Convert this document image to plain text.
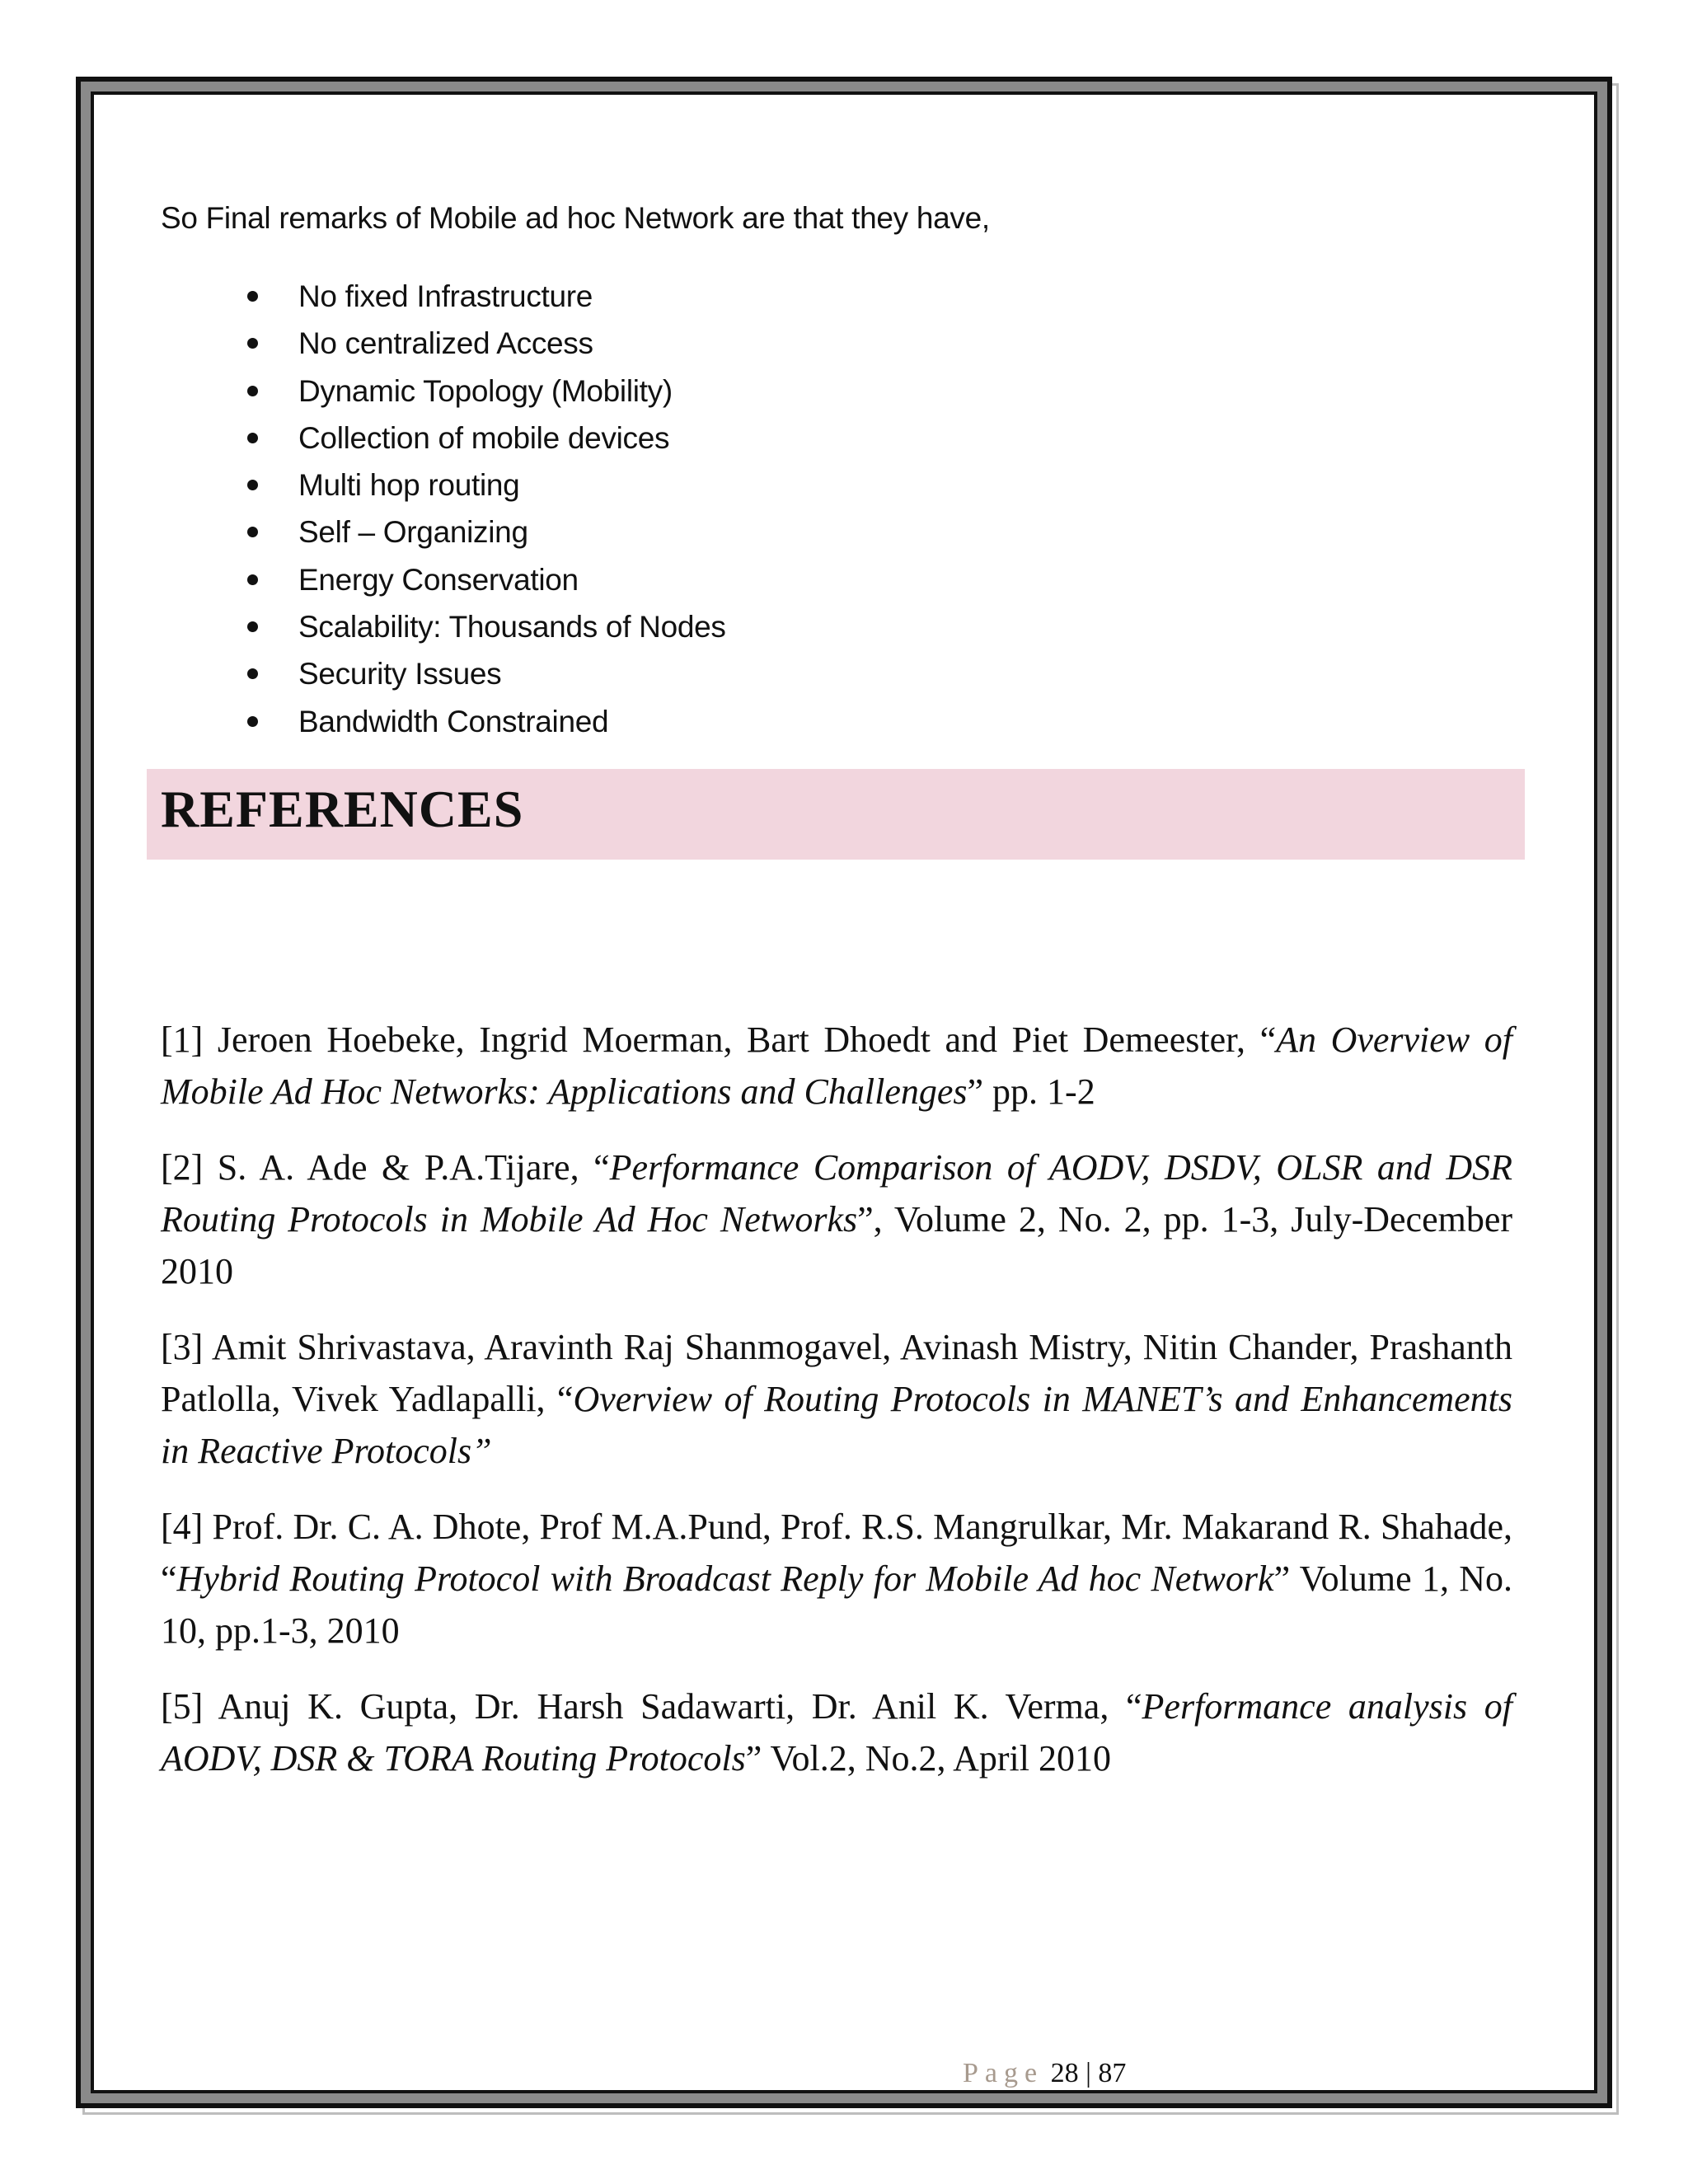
So Final remarks of Mobile ad hoc Network are that they have,

No fixed Infrastructure
No centralized Access
Dynamic Topology (Mobility)
Collection of mobile devices
Multi hop routing
Self – Organizing
Energy Conservation
Scalability: Thousands of Nodes
Security Issues
Bandwidth Constrained
REFERENCES

[1] Jeroen Hoebeke, Ingrid Moerman, Bart Dhoedt and Piet Demeester, “An Overview of Mobile Ad Hoc Networks: Applications and Challenges” pp. 1-2

[2] S. A. Ade & P.A.Tijare, “Performance Comparison of AODV, DSDV, OLSR and DSR Routing Protocols in Mobile Ad Hoc Networks”, Volume 2, No. 2, pp. 1-3, July-December 2010

[3] Amit Shrivastava, Aravinth Raj Shanmogavel, Avinash Mistry, Nitin Chander, Prashanth Patlolla, Vivek Yadlapalli, “Overview of Routing Protocols in MANET’s and Enhancements in Reactive Protocols”

[4] Prof. Dr. C. A. Dhote, Prof M.A.Pund, Prof. R.S. Mangrulkar, Mr. Makarand R. Shahade, “Hybrid Routing Protocol with Broadcast Reply for Mobile Ad hoc Network” Volume 1, No. 10, pp.1-3, 2010

[5] Anuj K. Gupta, Dr. Harsh Sadawarti, Dr. Anil K. Verma, “Performance analysis of AODV, DSR & TORA Routing Protocols” Vol.2, No.2, April 2010

Page 28 | 87
